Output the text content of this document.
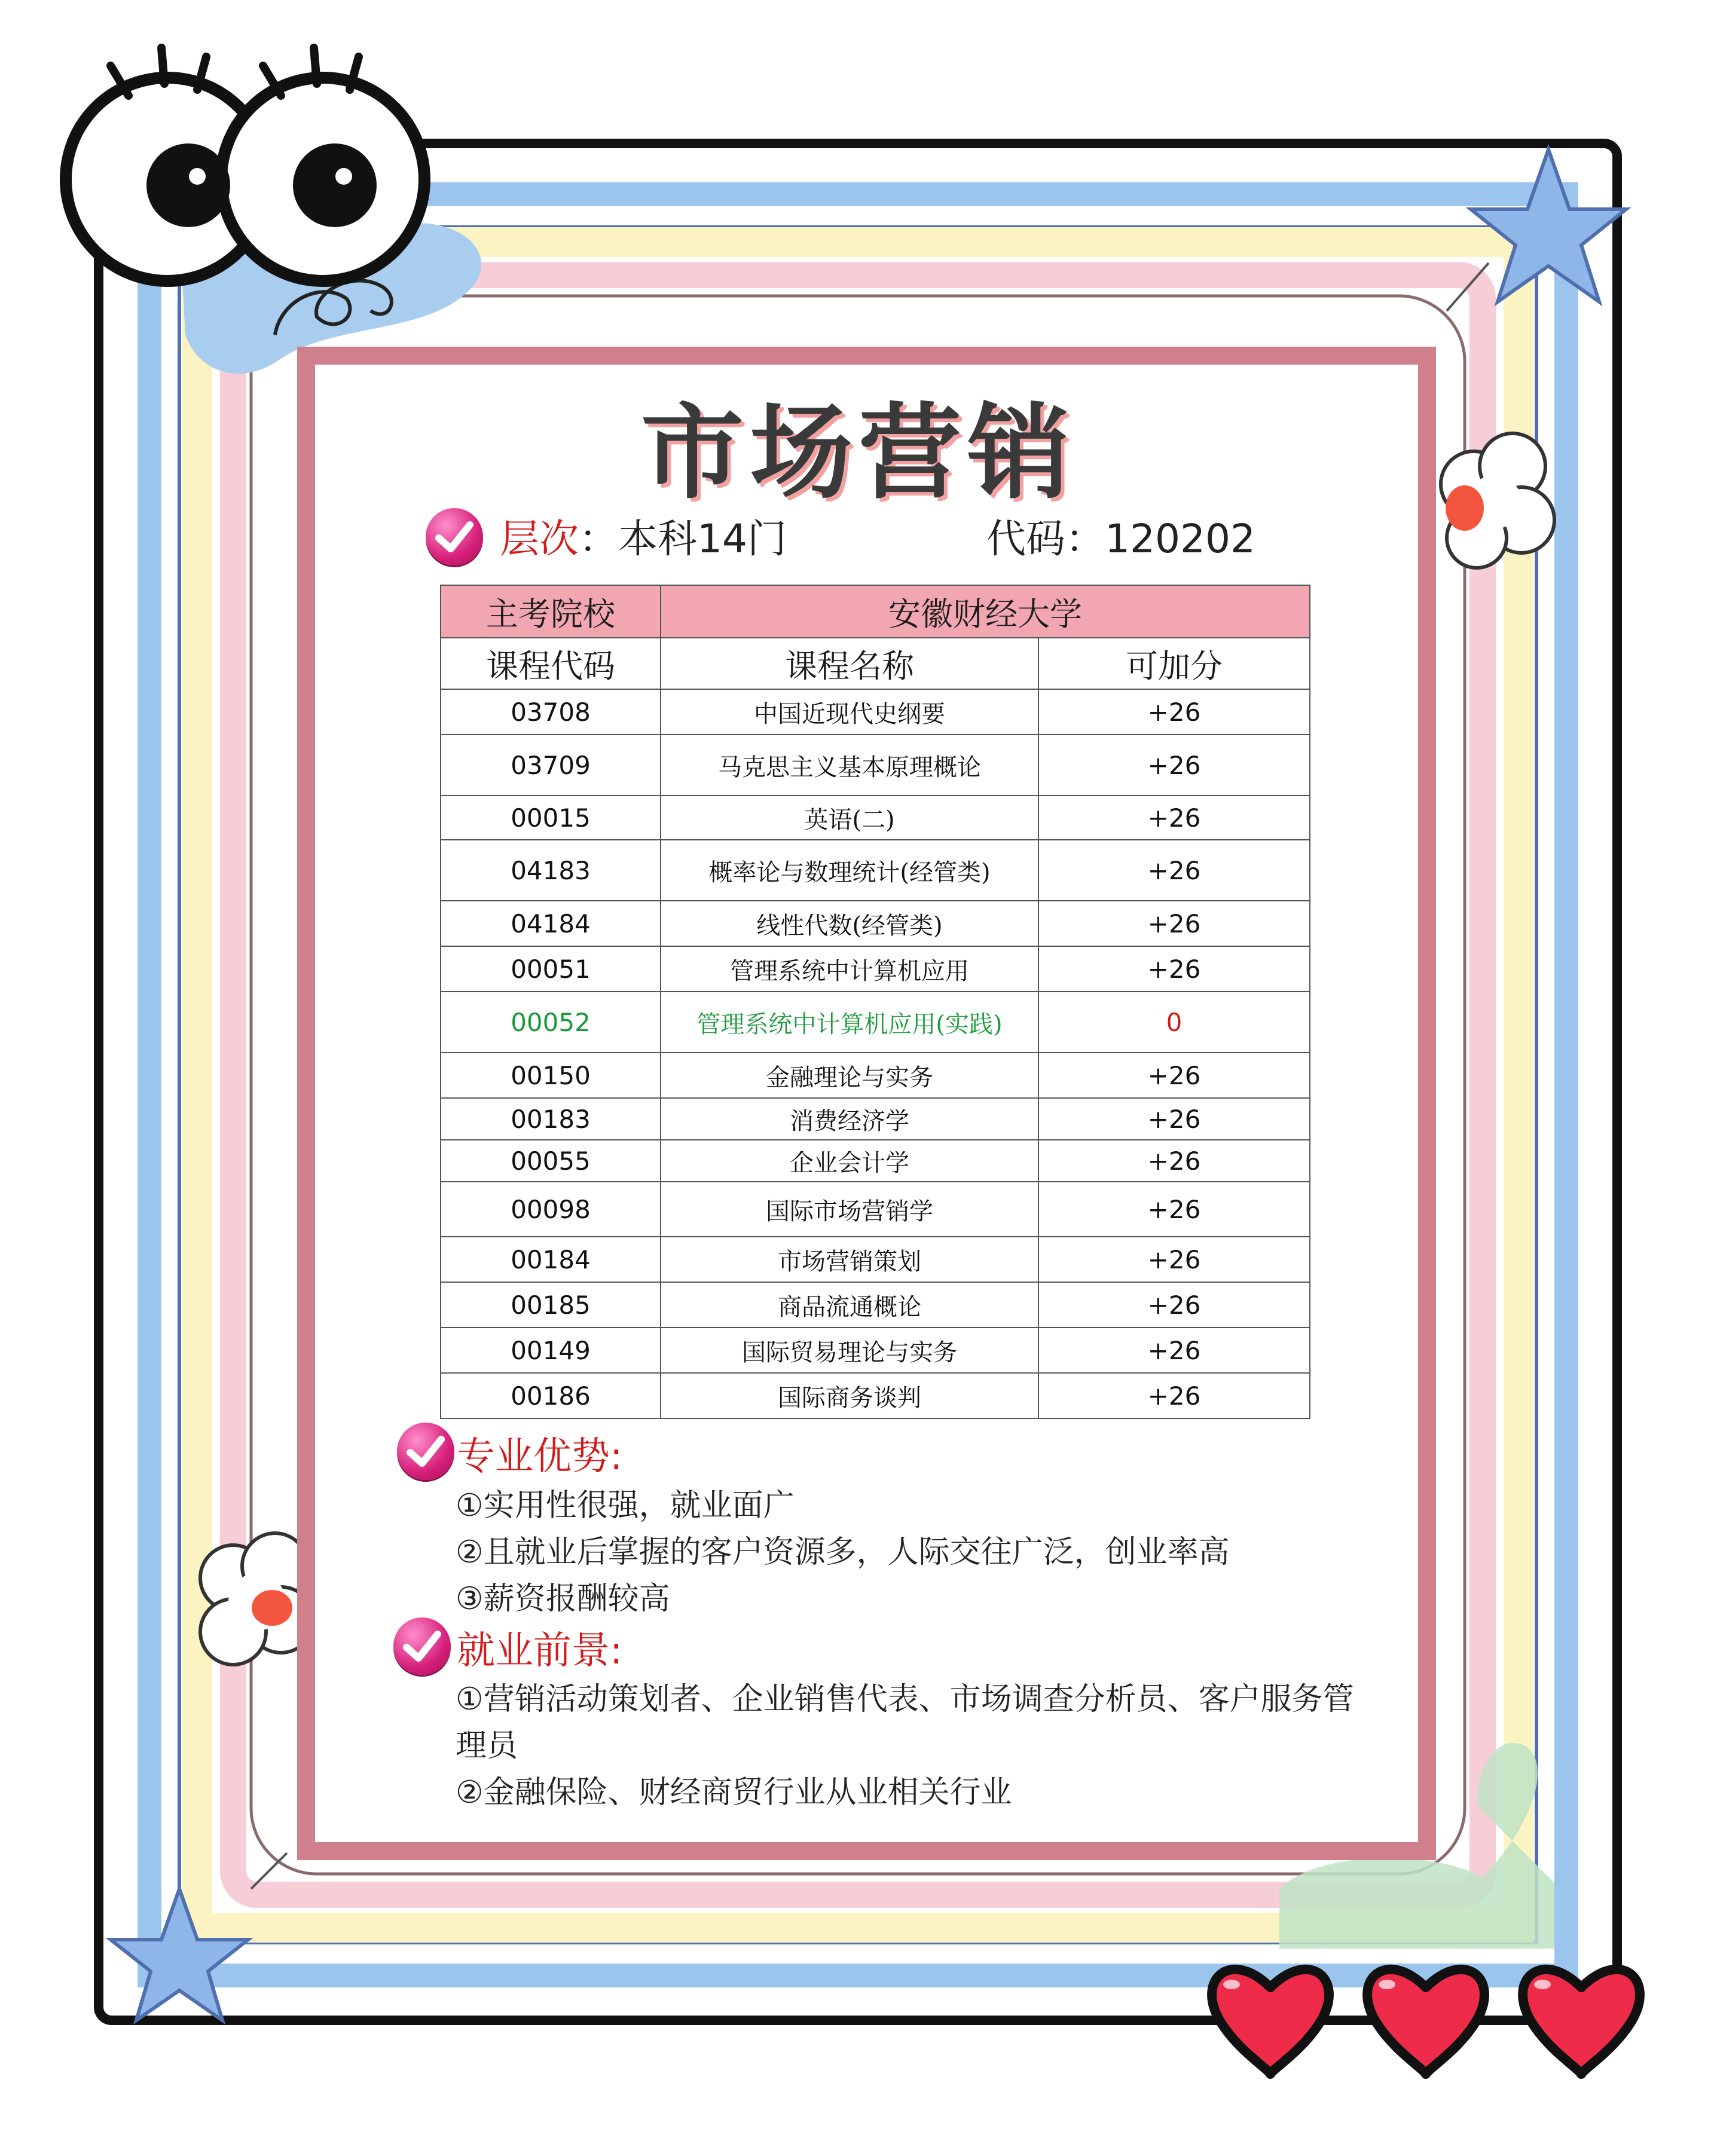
市场营销
层次：本科14门	代码：120202
主考院校	安徽财经大学	
课程代码	课程名称	可加分
03708	中国近现代史纲要	+26
03709	马克思主义基本原理概论	+26
00015	英语(二)	+26
04183	概率论与数理统计(经管类)	+26
04184	线性代数(经管类)	+26
00051	管理系统中计算机应用	+26
00052	管理系统中计算机应用(实践)	0
00150	金融理论与实务	+26
00183	消费经济学	+26
00055	企业会计学	+26
00098	国际市场营销学	+26
00184	市场营销策划	+26
00185	商品流通概论	+26
00149	国际贸易理论与实务	+26
00186	国际商务谈判	+26
专业优势:
①实用性很强，就业面广
②且就业后掌握的客户资源多，人际交往广泛，创业率高
③薪资报酬较高
就业前景:
①营销活动策划者、企业销售代表、市场调查分析员、客户服务管
理员
②金融保险、财经商贸行业从业相关行业
